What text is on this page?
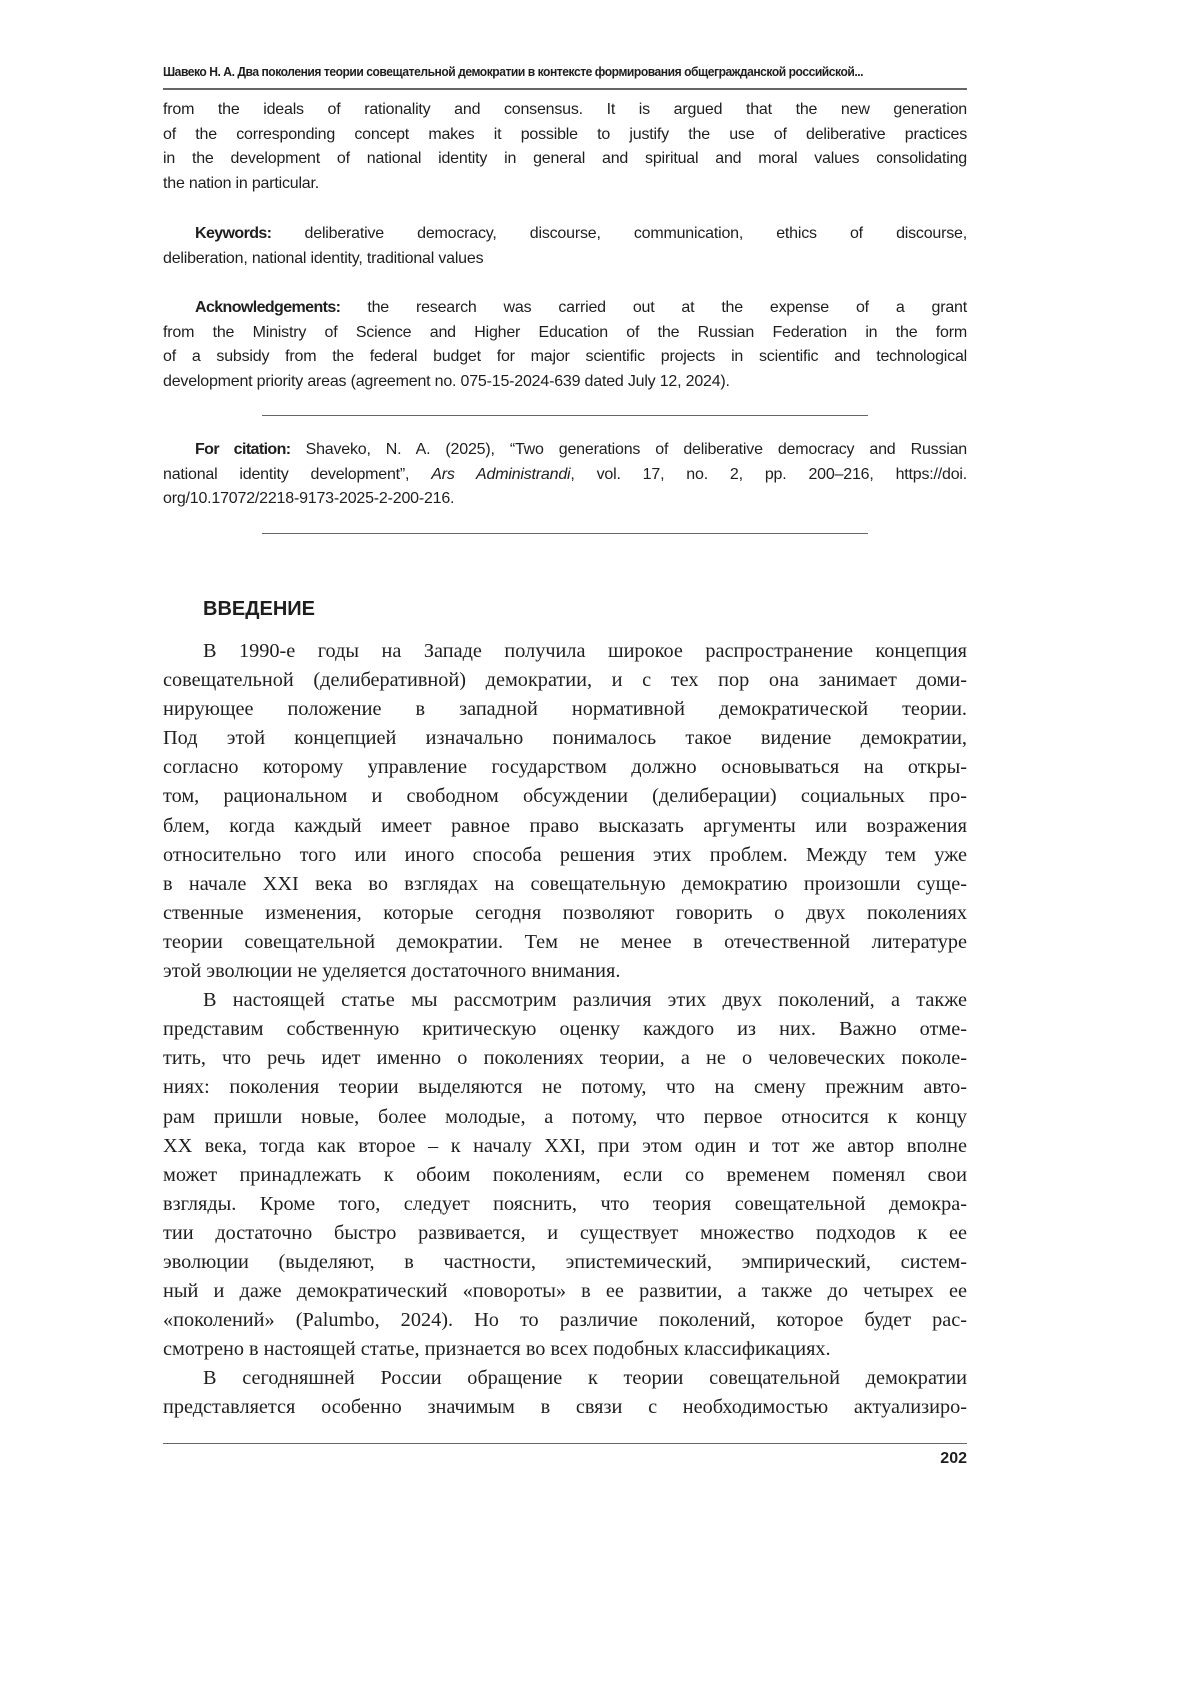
Шавеко Н. А. Два поколения теории совещательной демократии в контексте формирования общегражданской российской...
from the ideals of rationality and consensus. It is argued that the new generation
of the corresponding concept makes it possible to justify the use of deliberative practices
in the development of national identity in general and spiritual and moral values consolidating
the nation in particular.
Keywords: deliberative democracy, discourse, communication, ethics of discourse,
deliberation, national identity, traditional values
Acknowledgements: the research was carried out at the expense of a grant
from the Ministry of Science and Higher Education of the Russian Federation in the form
of a subsidy from the federal budget for major scientific projects in scientific and technological
development priority areas (agreement no. 075-15-2024-639 dated July 12, 2024).
For citation: Shaveko, N. A. (2025), “Two generations of deliberative democracy and Russian
national identity development”, Ars Administrandi, vol. 17, no. 2, pp. 200–216, https://doi.
org/10.17072/2218-9173-2025-2-200-216.
ВВЕДЕНИЕ
В 1990-е годы на Западе получила широкое распространение концепция
совещательной (делиберативной) демократии, и с тех пор она занимает доми-
нирующее положение в западной нормативной демократической теории.
Под этой концепцией изначально понималось такое видение демократии,
согласно которому управление государством должно основываться на откры-
том, рациональном и свободном обсуждении (делиберации) социальных про-
блем, когда каждый имеет равное право высказать аргументы или возражения
относительно того или иного способа решения этих проблем. Между тем уже
в начале XXI века во взглядах на совещательную демократию произошли суще-
ственные изменения, которые сегодня позволяют говорить о двух поколениях
теории совещательной демократии. Тем не менее в отечественной литературе
этой эволюции не уделяется достаточного внимания.
В настоящей статье мы рассмотрим различия этих двух поколений, а также
представим собственную критическую оценку каждого из них. Важно отме-
тить, что речь идет именно о поколениях теории, а не о человеческих поколе-
ниях: поколения теории выделяются не потому, что на смену прежним авто-
рам пришли новые, более молодые, а потому, что первое относится к концу
XX века, тогда как второе – к началу XXI, при этом один и тот же автор вполне
может принадлежать к обоим поколениям, если со временем поменял свои
взгляды. Кроме того, следует пояснить, что теория совещательной демокра-
тии достаточно быстро развивается, и существует множество подходов к ее
эволюции (выделяют, в частности, эпистемический, эмпирический, систем-
ный и даже демократический «повороты» в ее развитии, а также до четырех ее
«поколений» (Palumbo, 2024). Но то различие поколений, которое будет рас-
смотрено в настоящей статье, признается во всех подобных классификациях.
В сегодняшней России обращение к теории совещательной демократии
представляется особенно значимым в связи с необходимостью актуализиро-
202
